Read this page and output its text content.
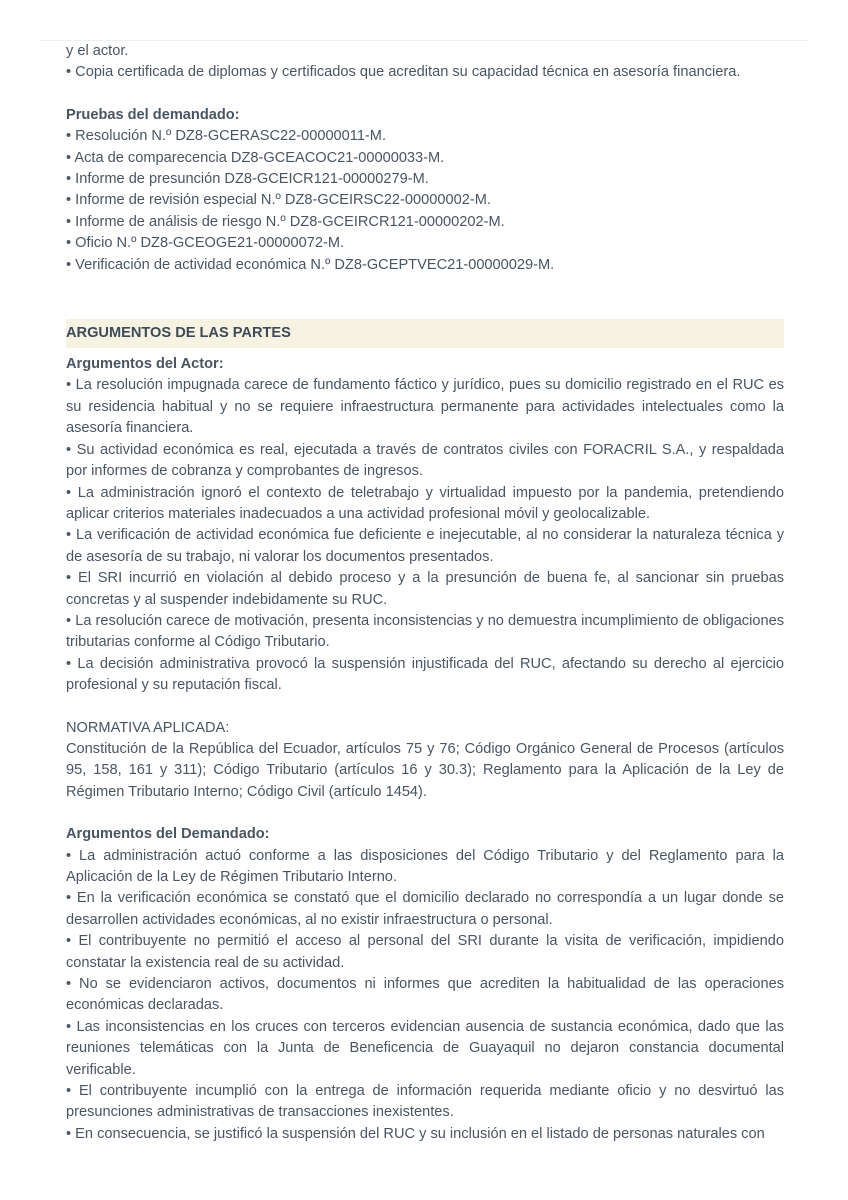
y el actor.
• Copia certificada de diplomas y certificados que acreditan su capacidad técnica en asesoría financiera.
Pruebas del demandado:
• Resolución N.º DZ8-GCERASC22-00000011-M.
• Acta de comparecencia DZ8-GCEACOC21-00000033-M.
• Informe de presunción DZ8-GCEICR121-00000279-M.
• Informe de revisión especial N.º DZ8-GCEIRSC22-00000002-M.
• Informe de análisis de riesgo N.º DZ8-GCEIRCR121-00000202-M.
• Oficio N.º DZ8-GCEOGE21-00000072-M.
• Verificación de actividad económica N.º DZ8-GCEPTVEC21-00000029-M.
ARGUMENTOS DE LAS PARTES
Argumentos del Actor:
• La resolución impugnada carece de fundamento fáctico y jurídico, pues su domicilio registrado en el RUC es su residencia habitual y no se requiere infraestructura permanente para actividades intelectuales como la asesoría financiera.
• Su actividad económica es real, ejecutada a través de contratos civiles con FORACRIL S.A., y respaldada por informes de cobranza y comprobantes de ingresos.
• La administración ignoró el contexto de teletrabajo y virtualidad impuesto por la pandemia, pretendiendo aplicar criterios materiales inadecuados a una actividad profesional móvil y geolocalizable.
• La verificación de actividad económica fue deficiente e inejecutable, al no considerar la naturaleza técnica y de asesoría de su trabajo, ni valorar los documentos presentados.
• El SRI incurrió en violación al debido proceso y a la presunción de buena fe, al sancionar sin pruebas concretas y al suspender indebidamente su RUC.
• La resolución carece de motivación, presenta inconsistencias y no demuestra incumplimiento de obligaciones tributarias conforme al Código Tributario.
• La decisión administrativa provocó la suspensión injustificada del RUC, afectando su derecho al ejercicio profesional y su reputación fiscal.
NORMATIVA APLICADA:
Constitución de la República del Ecuador, artículos 75 y 76; Código Orgánico General de Procesos (artículos 95, 158, 161 y 311); Código Tributario (artículos 16 y 30.3); Reglamento para la Aplicación de la Ley de Régimen Tributario Interno; Código Civil (artículo 1454).
Argumentos del Demandado:
• La administración actuó conforme a las disposiciones del Código Tributario y del Reglamento para la Aplicación de la Ley de Régimen Tributario Interno.
• En la verificación económica se constató que el domicilio declarado no correspondía a un lugar donde se desarrollen actividades económicas, al no existir infraestructura o personal.
• El contribuyente no permitió el acceso al personal del SRI durante la visita de verificación, impidiendo constatar la existencia real de su actividad.
• No se evidenciaron activos, documentos ni informes que acrediten la habitualidad de las operaciones económicas declaradas.
• Las inconsistencias en los cruces con terceros evidencian ausencia de sustancia económica, dado que las reuniones telemáticas con la Junta de Beneficencia de Guayaquil no dejaron constancia documental verificable.
• El contribuyente incumplió con la entrega de información requerida mediante oficio y no desvirtuó las presunciones administrativas de transacciones inexistentes.
• En consecuencia, se justificó la suspensión del RUC y su inclusión en el listado de personas naturales con
